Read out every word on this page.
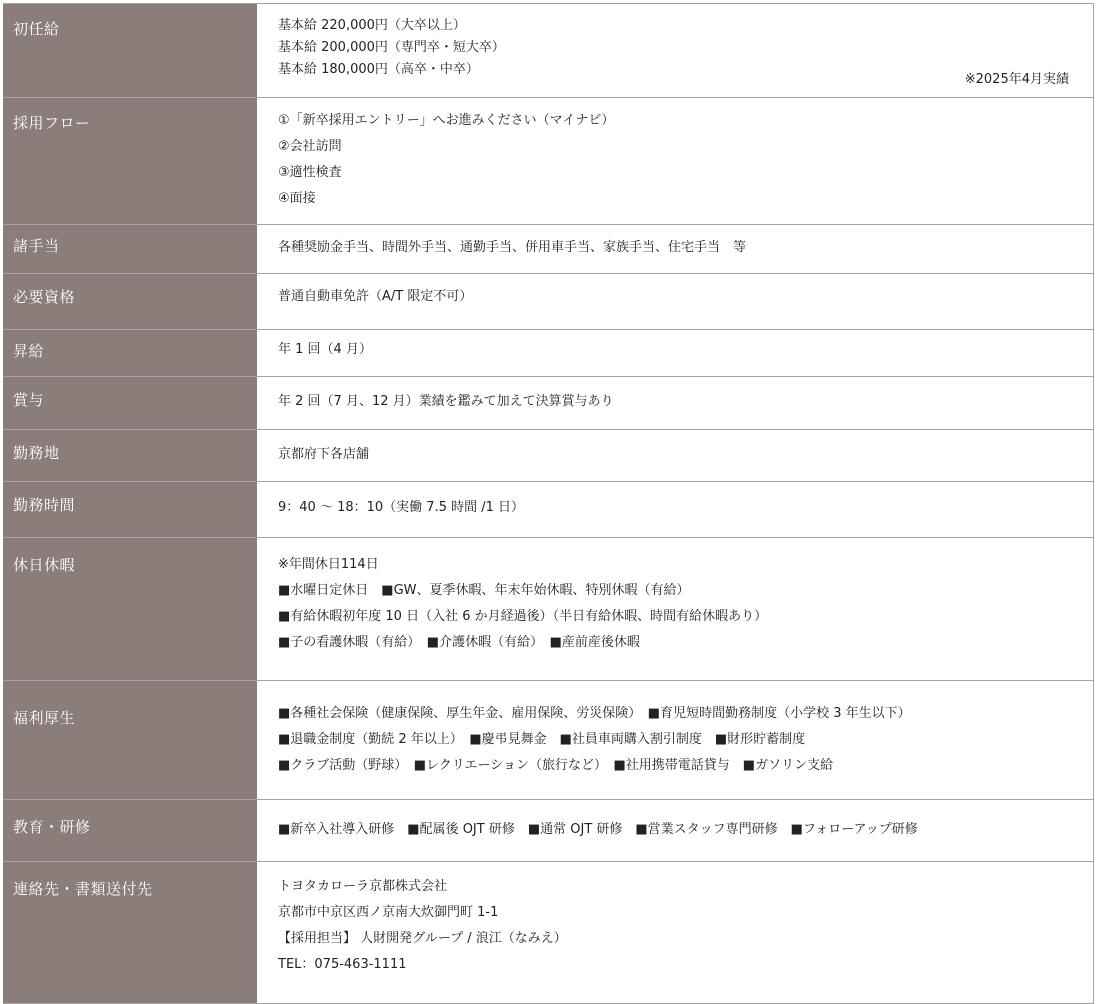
初任給	基本給 220,000円（大卒以上）
基本給 200,000円（専門卒・短大卒）
基本給 180,000円（高卒・中卒）
※2025年4月実績
採用フロー	①「新卒採用エントリー」へお進みください（マイナビ）
②会社訪問
③適性検査
④面接
諸手当	各種奨励金手当、時間外手当、通勤手当、併用車手当、家族手当、住宅手当　等
必要資格	普通自動車免許（A/T 限定不可）
昇給	年 1 回（4 月）
賞与	年 2 回（7 月、12 月）業績を鑑みて加えて決算賞与あり
勤務地	京都府下各店舗
勤務時間	9：40 ～ 18：10（実働 7.5 時間 /1 日）
休日休暇	※年間休日114日
■水曜日定休日　■GW、夏季休暇、年末年始休暇、特別休暇（有給）
■有給休暇初年度 10 日（入社 6 か月経過後）（半日有給休暇、時間有給休暇あり）
■子の看護休暇（有給）　■介護休暇（有給）　■産前産後休暇
福利厚生	■各種社会保険（健康保険、厚生年金、雇用保険、労災保険）　■育児短時間勤務制度（小学校 3 年生以下）
■退職金制度（勤続 2 年以上）　■慶弔見舞金　■社員車両購入割引制度　■財形貯蓄制度
■クラブ活動（野球）　■レクリエーション（旅行など）　■社用携帯電話貸与　■ガソリン支給
教育・研修	■新卒入社導入研修　■配属後 OJT 研修　■通常 OJT 研修　■営業スタッフ専門研修　■フォローアップ研修
連絡先・書類送付先	トヨタカローラ京都株式会社
京都市中京区西ノ京南大炊御門町 1-1
【採用担当】 人財開発グループ / 浪江（なみえ）
TEL：075-463-1111
